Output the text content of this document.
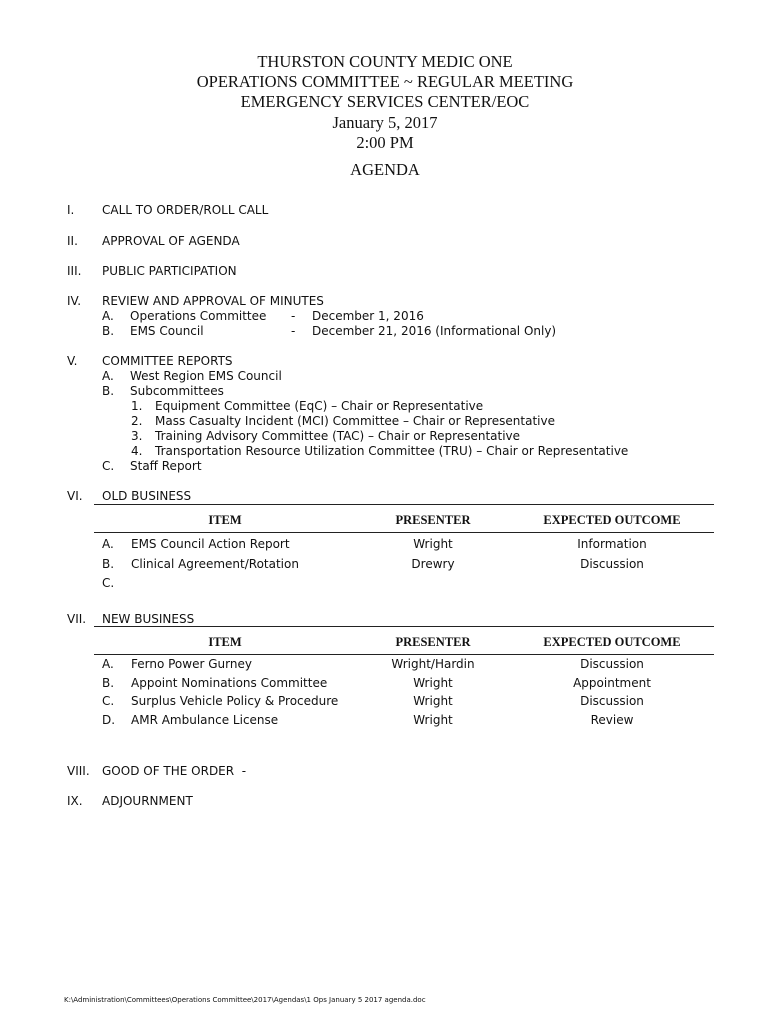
THURSTON COUNTY MEDIC ONE
OPERATIONS COMMITTEE ~ REGULAR MEETING
EMERGENCY SERVICES CENTER/EOC
January 5, 2017
2:00 PM
AGENDA
I. CALL TO ORDER/ROLL CALL
II. APPROVAL OF AGENDA
III. PUBLIC PARTICIPATION
IV. REVIEW AND APPROVAL OF MINUTES
A. Operations Committee - December 1, 2016
B. EMS Council	- December 21, 2016 (Informational Only)
V. COMMITTEE REPORTS
A. West Region EMS Council
B. Subcommittees
1. Equipment Committee (EqC) – Chair or Representative
2. Mass Casualty Incident (MCI) Committee – Chair or Representative
3. Training Advisory Committee (TAC) – Chair or Representative
4. Transportation Resource Utilization Committee (TRU) – Chair or Representative
C. Staff Report
VI. OLD BUSINESS
ITEM	PRESENTER	EXPECTED OUTCOME
A. EMS Council Action Report	Wright	Information
B. Clinical Agreement/Rotation	Drewry	Discussion
C.
VII. NEW BUSINESS
ITEM	PRESENTER	EXPECTED OUTCOME
A. Ferno Power Gurney	Wright/Hardin	Discussion
B. Appoint Nominations Committee	Wright	Appointment
C. Surplus Vehicle Policy & Procedure	Wright	Discussion
D. AMR Ambulance License	Wright	Review
VIII. GOOD OF THE ORDER  -
IX. ADJOURNMENT
K:\Administration\Committees\Operations Committee\2017\Agendas\1 Ops January 5 2017 agenda.doc
